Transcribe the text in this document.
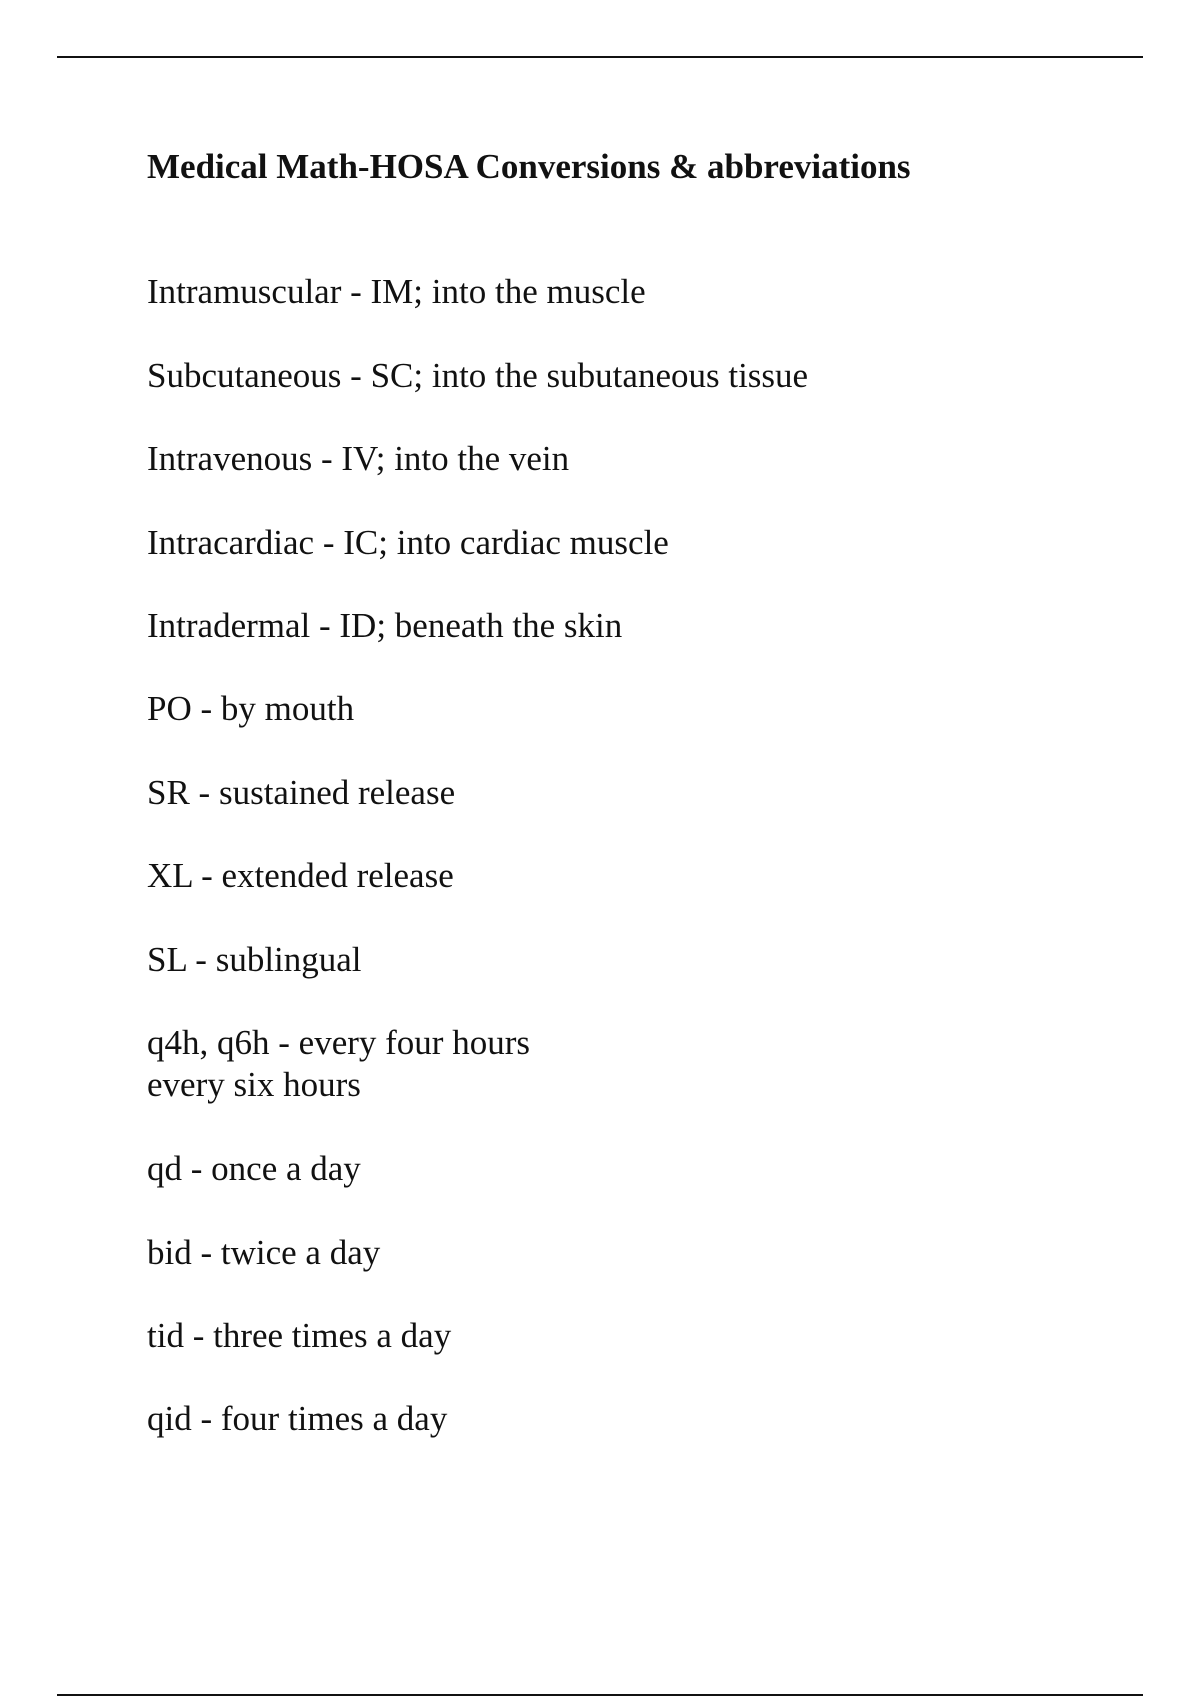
Medical Math-HOSA Conversions & abbreviations
Intramuscular - IM; into the muscle
Subcutaneous - SC; into the subutaneous tissue
Intravenous - IV; into the vein
Intracardiac - IC; into cardiac muscle
Intradermal - ID; beneath the skin
PO - by mouth
SR - sustained release
XL - extended release
SL - sublingual
q4h, q6h - every four hours
every six hours
qd - once a day
bid - twice a day
tid - three times a day
qid - four times a day
